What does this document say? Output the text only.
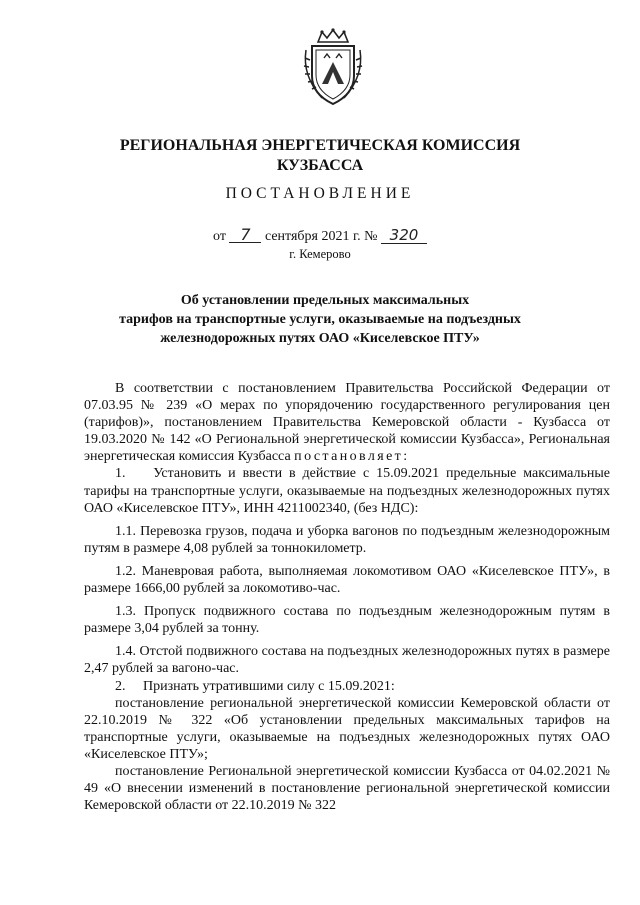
РЕГИОНАЛЬНАЯ ЭНЕРГЕТИЧЕСКАЯ КОМИССИЯ
КУЗБАССА
ПОСТАНОВЛЕНИЕ
от 7 сентября 2021 г. № 320
г. Кемерово
Об установлении предельных максимальных
тарифов на транспортные услуги, оказываемые на подъездных
железнодорожных путях ОАО «Киселевское ПТУ»

В соответствии с постановлением Правительства Российской Федерации от 07.03.95 № 239 «О мерах по упорядочению государственного регулирования цен (тарифов)», постановлением Правительства Кемеровской области - Кузбасса от 19.03.2020 № 142 «О Региональной энергетической комиссии Кузбасса», Региональная энергетическая комиссия Кузбасса постановляет:

1.    Установить и ввести в действие с 15.09.2021 предельные максимальные тарифы на транспортные услуги, оказываемые на подъездных железнодорожных путях ОАО «Киселевское ПТУ», ИНН 4211002340, (без НДС):

1.1. Перевозка грузов, подача и уборка вагонов по подъездным железнодорожным путям в размере 4,08 рублей за тоннокилометр.

1.2. Маневровая работа, выполняемая локомотивом ОАО «Киселевское ПТУ», в размере 1666,00 рублей за локомотиво-час.

1.3. Пропуск подвижного состава по подъездным железнодорожным путям в размере 3,04 рублей за тонну.

1.4. Отстой подвижного состава на подъездных железнодорожных путях в размере 2,47 рублей за вагоно-час.

2.     Признать утратившими силу с 15.09.2021:

постановление региональной энергетической комиссии Кемеровской области от 22.10.2019 № 322 «Об установлении предельных максимальных тарифов на транспортные услуги, оказываемые на подъездных железнодорожных путях ОАО «Киселевское ПТУ»;

постановление Региональной энергетической комиссии Кузбасса от 04.02.2021 № 49 «О внесении изменений в постановление региональной энергетической комиссии Кемеровской области от 22.10.2019 № 322
